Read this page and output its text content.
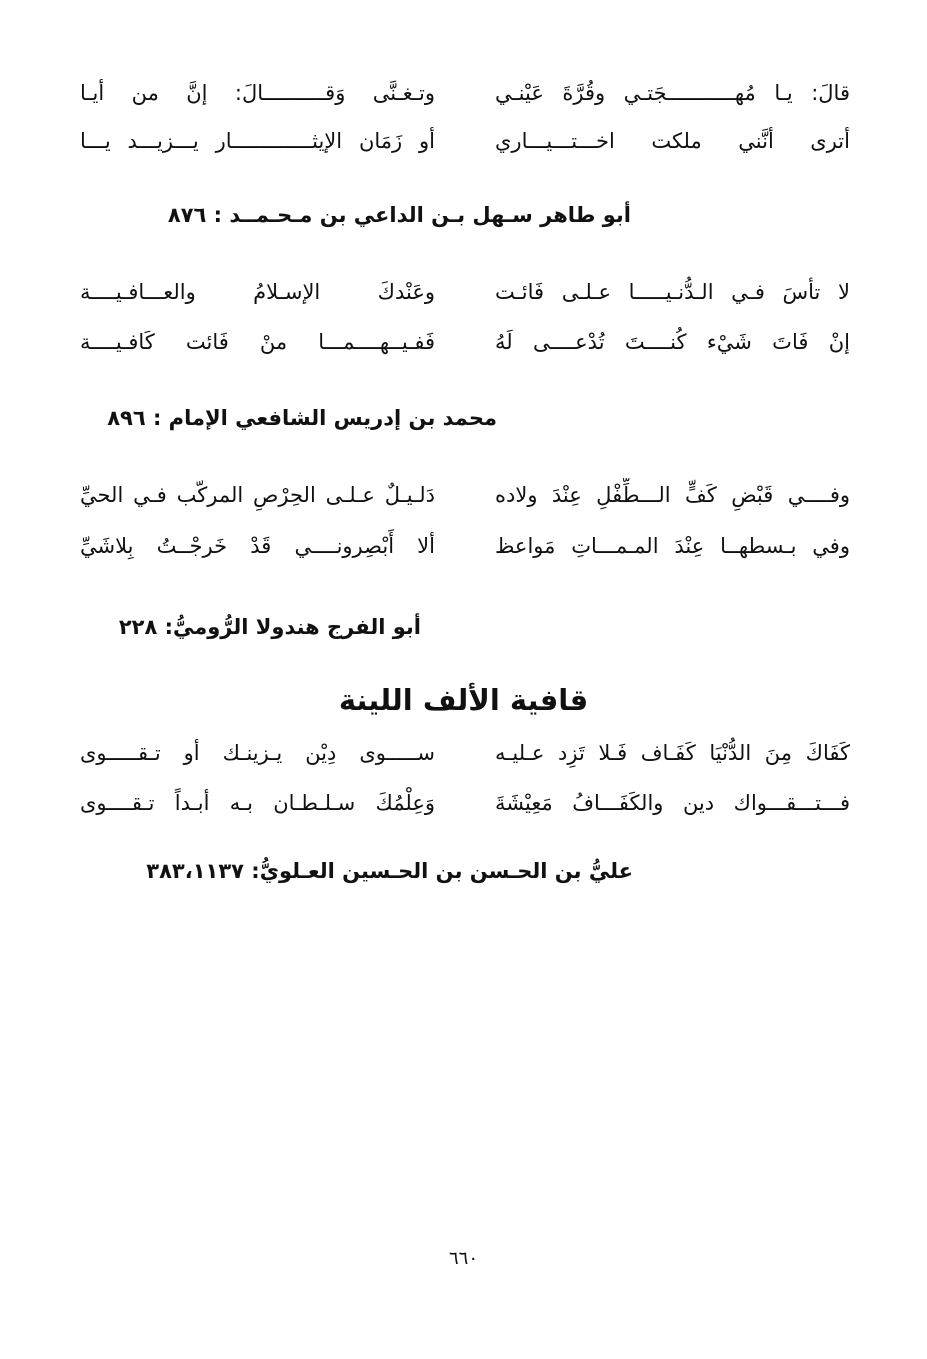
قالَ: يـا مُهـــــــــــجَتـي وقُرَّةَ عَيْنـي
وتـغـنَّى وَقــــــــــالَ: إنَّ من أيـا
أترى أنَّني ملكت اخـــتـــيـــاري
أو زَمَان الإيثـــــــــــــار يـــزيـــد يـــا
أبو طاهر سـهل بـن الداعي بن مـحـمــد : ٨٧٦
لا تأسَ فـي الـدُّنـيـــــا عـلـى فَائـت
وعَنْدكَ الإسـلامُ والعـــافـيــــة
إنْ فَاتَ شَيْء كُنــــتَ تُدْعــــى لَهُ
فَفـيــهــــمـــا منْ فَائت كَافـيــــة
محمد بن إدريس الشافعي الإمام : ٨٩٦
وفــــي قَبْضِ كَفٍّ الـــطِّفْلِ عِنْدَ ولاده
دَلـيـلٌ عـلـى الحِرْصِ المركّب فـي الحيِّ
وفي بـسطهــا عِنْدَ المـمـــاتِ مَواعظ
ألا أَبْصِرونــــي قَدْ خَرجْــتُ بِلاشَيِّ
أبو الفرج هندولا الرُّوميُّ: ٢٢٨
قافية الألف اللينة
كَفَاكَ مِنَ الدُّنْيَا كَفَـاف فَـلا تَزِد عـليـه
ســـــوى دِيْن يـزينـك أو تـقـــــوى
فـــتـــقـــواك دين والكَفَـــافُ مَعِيْشَةَ
وَعِلْمُكَ سـلـطـان بـه أبـداً تـقــــوى
عليُّ بن الحـسن بن الحـسين العـلويُّ: ٣٨٣،١١٣٧
٦٦٠
